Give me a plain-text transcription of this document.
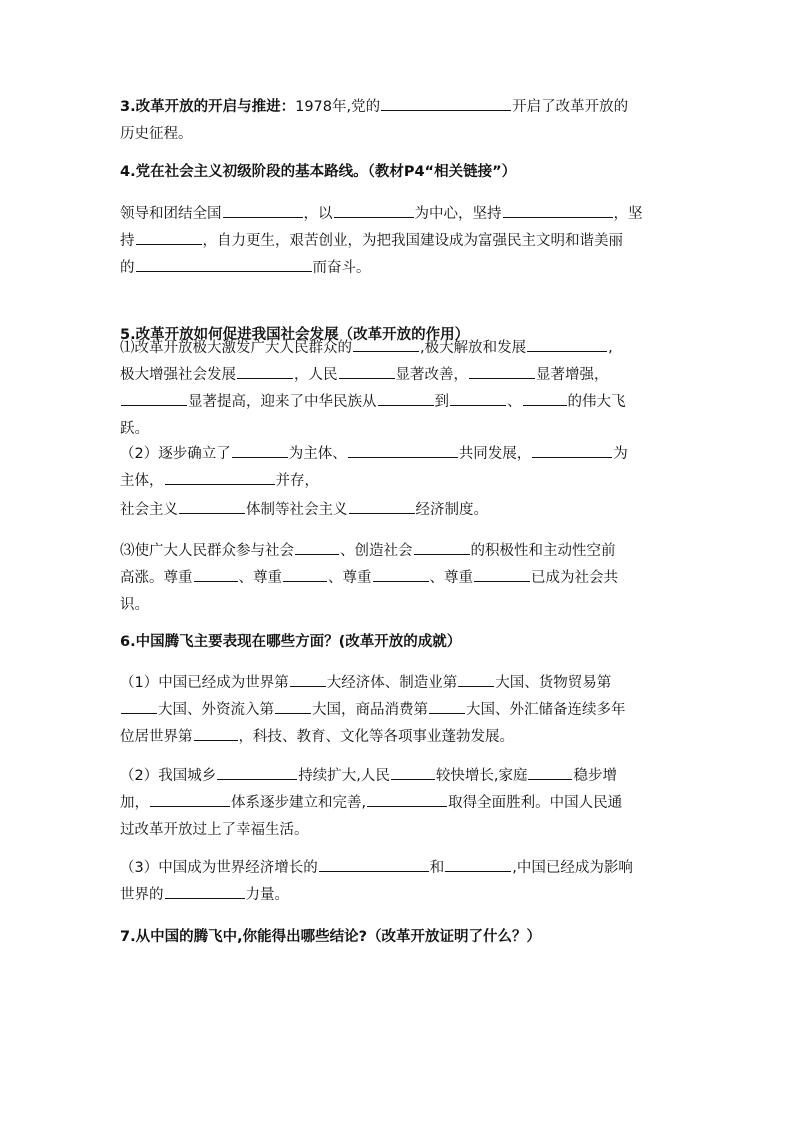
3.改革开放的开启与推进：1978年,党的	开启了改革开放的
历史征程。
4.党在社会主义初级阶段的基本路线。（教材P4“相关链接”）
领导和团结全国	，以	为中心，坚持	，坚
持	，自力更生，艰苦创业，为把我国建设成为富强民主文明和谐美丽
的	而奋斗。
5.改革开放如何促进我国社会发展（改革开放的作用）
⑴改革开放极大激发广大人民群众的	,极大解放和发展	,
极大增强社会发展	，人民	显著改善，	显著增强，
显著提高，迎来了中华民族从	到	、	的伟大飞
跃。
（2）逐步确立了	为主体、	共同发展，	为
主体，	并存，
社会主义	体制等社会主义	经济制度。
⑶使广大人民群众参与社会	、创造社会	的积极性和主动性空前
高涨。尊重	、尊重	、尊重	、尊重	已成为社会共
识。
6.中国腾飞主要表现在哪些方面？(改革开放的成就）
（1）中国已经成为世界第	大经济体、制造业第	大国、货物贸易第
大国、外资流入第	大国，商品消费第	大国、外汇储备连续多年
位居世界第	，科技、教育、文化等各项事业蓬勃发展。
（2）我国城乡	持续扩大,人民	较快增长,家庭	稳步增
加，	体系逐步建立和完善,	取得全面胜利。中国人民通
过改革开放过上了幸福生活。
（3）中国成为世界经济增长的	和	,中国已经成为影响
世界的	力量。
7.从中国的腾飞中,你能得出哪些结论?（改革开放证明了什么？）
